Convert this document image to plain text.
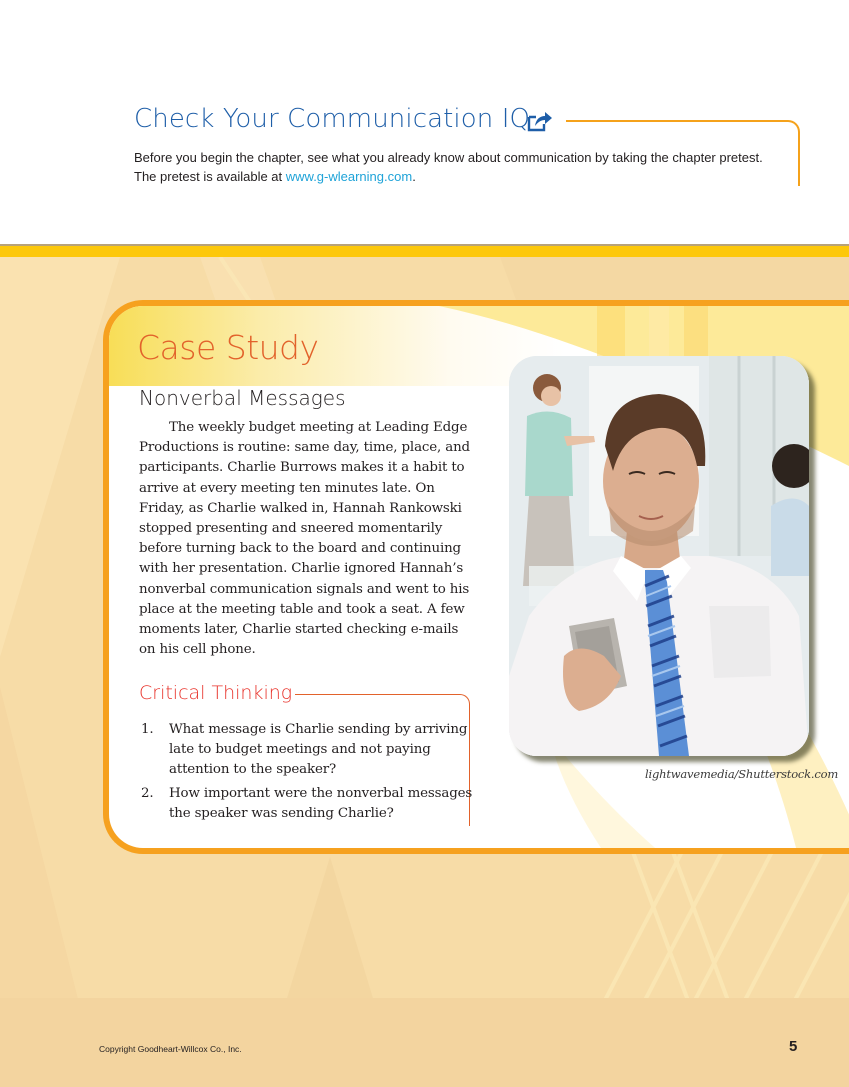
Check Your Communication IQ

Before you begin the chapter, see what you already know about communication by taking the chapter pretest. The pretest is available at www.g-wlearning.com.

Case Study
Nonverbal Messages

The weekly budget meeting at Leading Edge Productions is routine: same day, time, place, and participants. Charlie Burrows makes it a habit to arrive at every meeting ten minutes late. On Friday, as Charlie walked in, Hannah Rankowski stopped presenting and sneered momentarily before turning back to the board and continuing with her presentation. Charlie ignored Hannah’s nonverbal communication signals and went to his place at the meeting table and took a seat. A few moments later, Charlie started checking e-mails on his cell phone.

Critical Thinking
1. What message is Charlie sending by arriving late to budget meetings and not paying attention to the speaker?
2. How important were the nonverbal messages the speaker was sending Charlie?
lightwavemedia/Shutterstock.com
Copyright Goodheart-Willcox Co., Inc.	5
